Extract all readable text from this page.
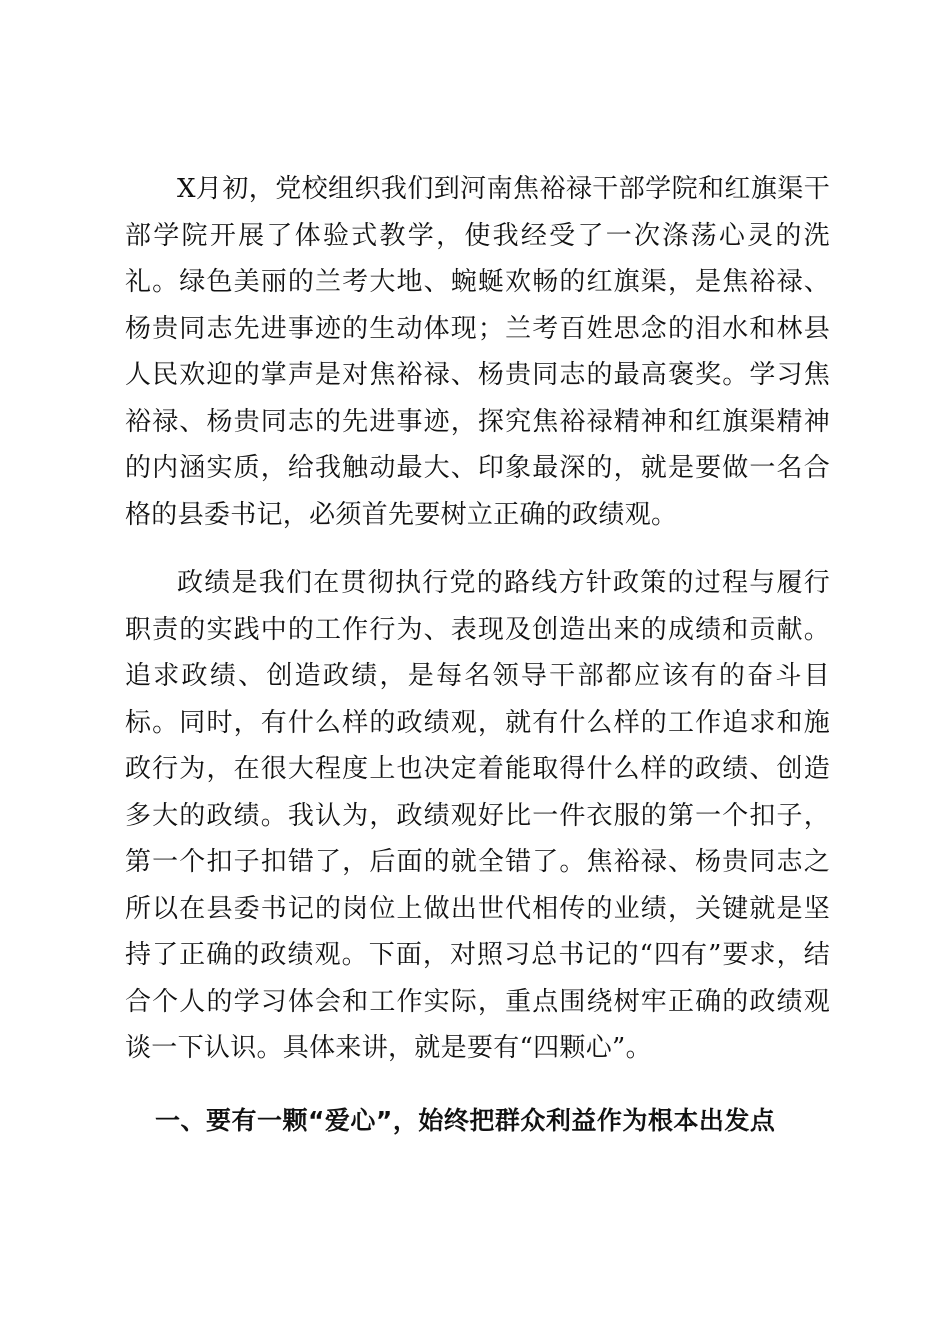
X月初，党校组织我们到河南焦裕禄干部学院和红旗渠干部学院开展了体验式教学，使我经受了一次涤荡心灵的洗礼。绿色美丽的兰考大地、蜿蜒欢畅的红旗渠，是焦裕禄、杨贵同志先进事迹的生动体现；兰考百姓思念的泪水和林县人民欢迎的掌声是对焦裕禄、杨贵同志的最高褒奖。学习焦裕禄、杨贵同志的先进事迹，探究焦裕禄精神和红旗渠精神的内涵实质，给我触动最大、印象最深的，就是要做一名合格的县委书记，必须首先要树立正确的政绩观。

政绩是我们在贯彻执行党的路线方针政策的过程与履行职责的实践中的工作行为、表现及创造出来的成绩和贡献。追求政绩、创造政绩，是每名领导干部都应该有的奋斗目标。同时，有什么样的政绩观，就有什么样的工作追求和施政行为，在很大程度上也决定着能取得什么样的政绩、创造多大的政绩。我认为，政绩观好比一件衣服的第一个扣子，第一个扣子扣错了，后面的就全错了。焦裕禄、杨贵同志之所以在县委书记的岗位上做出世代相传的业绩，关键就是坚持了正确的政绩观。下面，对照习总书记的“四有”要求，结合个人的学习体会和工作实际，重点围绕树牢正确的政绩观谈一下认识。具体来讲，就是要有“四颗心”。

一、要有一颗“爱心”，始终把群众利益作为根本出发点
